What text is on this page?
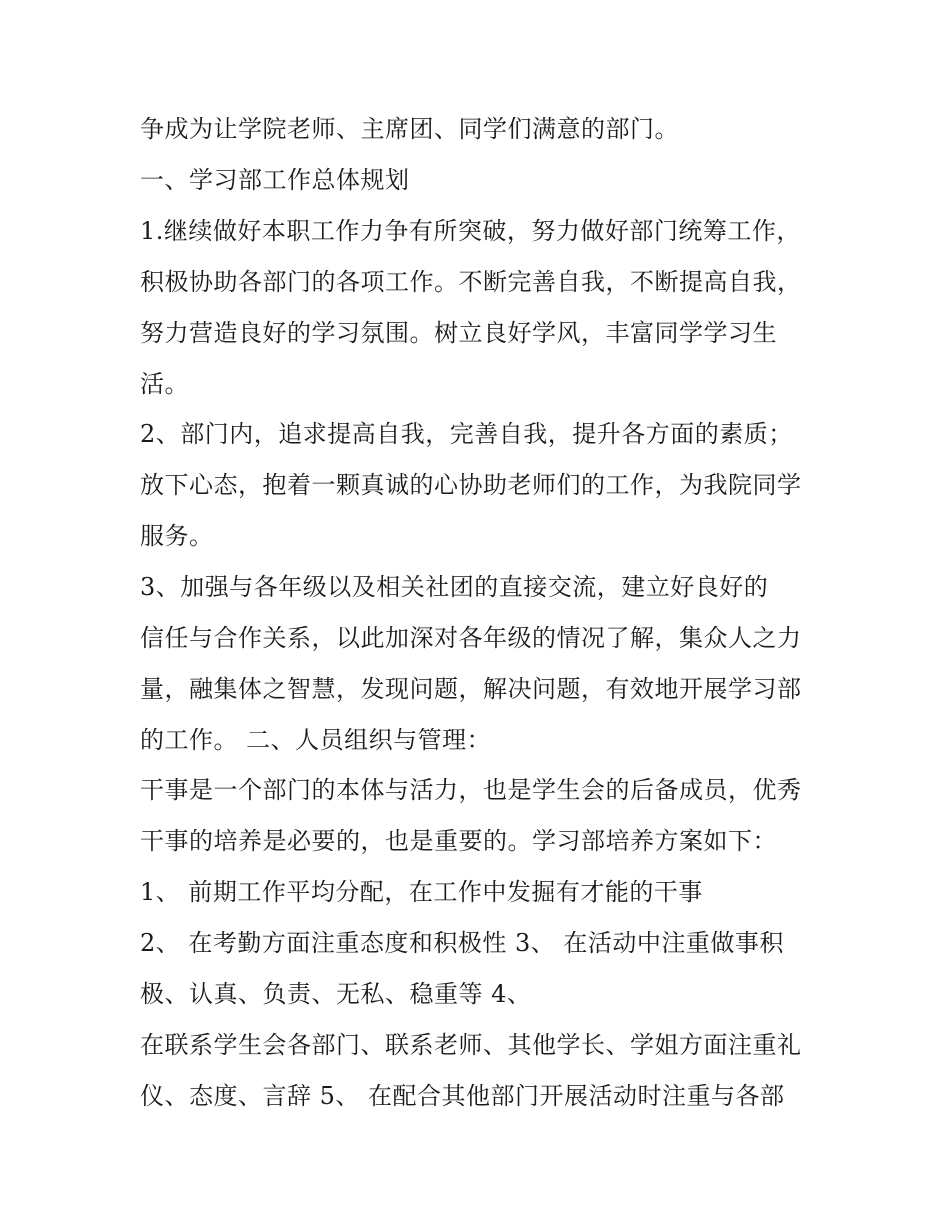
争成为让学院老师、主席团、同学们满意的部门。

一、学习部工作总体规划

1.继续做好本职工作力争有所突破，努力做好部门统筹工作，

积极协助各部门的各项工作。不断完善自我，不断提高自我，

努力营造良好的学习氛围。树立良好学风，丰富同学学习生

活。

2、部门内，追求提高自我，完善自我，提升各方面的素质；

放下心态，抱着一颗真诚的心协助老师们的工作，为我院同学

服务。

3、加强与各年级以及相关社团的直接交流，建立好良好的

信任与合作关系，以此加深对各年级的情况了解，集众人之力

量，融集体之智慧，发现问题，解决问题，有效地开展学习部

的工作。 二、人员组织与管理：

干事是一个部门的本体与活力，也是学生会的后备成员，优秀

干事的培养是必要的，也是重要的。学习部培养方案如下：

1、 前期工作平均分配，在工作中发掘有才能的干事

2、 在考勤方面注重态度和积极性 3、 在活动中注重做事积

极、认真、负责、无私、稳重等 4、

在联系学生会各部门、联系老师、其他学长、学姐方面注重礼

仪、态度、言辞 5、 在配合其他部门开展活动时注重与各部
